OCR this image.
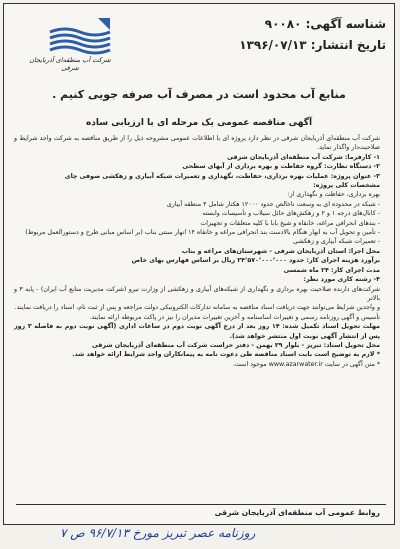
شناسه آگهی: ۹۰۰۸۰
تاریخ انتشار: ۱۳۹۶/۰۷/۱۳
شرکت آب منطقه‌ای آذربایجان شرقی
منابع آب محدود است در مصرف آب صرفه جویی کنیم .
آگهی مناقصه عمومی یک مرحله ای با ارزیابی ساده

شرکت آب منطقه‌ای آذربایجان شرقی در نظر دارد پروژه ای با اطلاعات عمومی مشروحه ذیل را از طریق مناقصه به شرکت واجد شرایط و صلاحیت‌دار واگذار نماید.

۱- کارفرما: شرکت آب منطقه‌ای آذربایجان شرقی

۲- دستگاه نظارت: گروه حفاظت و بهره برداری از آبهای سطحی

۳- عنوان پروژه: عملیات بهره برداری، حفاظت، نگهداری و تعمیرات شبکه آبیاری و زهکشی صوفی چای

مشخصات کلی پروژه:

بهره برداری، حفاظت و نگهداری از:

- شبکه در محدوده ای به وسعت ناخالص حدود ۱۲۰۰۰ هکتار شامل ۴ منطقه آبیاری

- کانال‌های درجه ۱ و ۲ و زهکش‌های حائل سیلاب و تأسیسات وابسته

- بندهای انحرافی مراغه، خانقاه و شیخ بابا با کلیه متعلقات و تجهیزات

- تأمین و تحویل آب به انهار هنگام بالادست بند انحرافی مراغه و خانقاه ۱۴ انهار سنتی بناب (بر اساس مبانی طرح و دستورالعمل مربوط)

- تعمیرات شبکه آبیاری و زهکشی

محل اجرا: استان آذربایجان شرقی - شهرستان‌های مراغه و بناب

برآورد هزینه اجرای کار: حدود ۲۴٬۵۷۰٬۰۰۰٬۰۰۰ ریال بر اساس فهارس بهای خاص

مدت اجرای کار: ۲۴ ماه شمسی

۴- رشته کاری مورد نظر:

شرکت‌های دارنده صلاحیت بهره برداری و نگهداری از شبکه‌های آبیاری و زهکشی از وزارت نیرو (شرکت مدیریت منابع آب ایران) - پایه ۳ و بالاتر

و واجدین شرایط می‌توانند جهت دریافت اسناد مناقصه به سامانه تدارکات الکترونیکی دولت مراجعه و پس از ثبت نام، اسناد را دریافت نمایند.

تأسیس و آگهی روزنامه رسمی و تغییرات اساسنامه و آخرین تغییرات مدیران را نیز در پاکت مربوطه ارائه نمایند.

مهلت تحویل اسناد تکمیل شده: ۱۴ روز بعد از درج آگهی نوبت دوم در ساعات اداری (آگهی نوبت دوم به فاصله ۳ روز پس از انتشار آگهی نوبت اول منتشر خواهد شد).

محل تحویل اسناد: تبریز - بلوار ۲۹ بهمن - دفتر حراست شرکت آب منطقه‌ای آذربایجان شرقی

* لازم به توضیح است بابت اسناد مناقصه طی دعوت نامه به پیمانکاران واجد شرایط ارائه خواهد شد.

* متن آگهی در سایت www.azarwater.ir موجود است.

روابط عمومی آب منطقه‌ای آذربایجان شرقی
روزنامه عصر تبریز مورخ ۹۶/۷/۱۳ ص ۷
